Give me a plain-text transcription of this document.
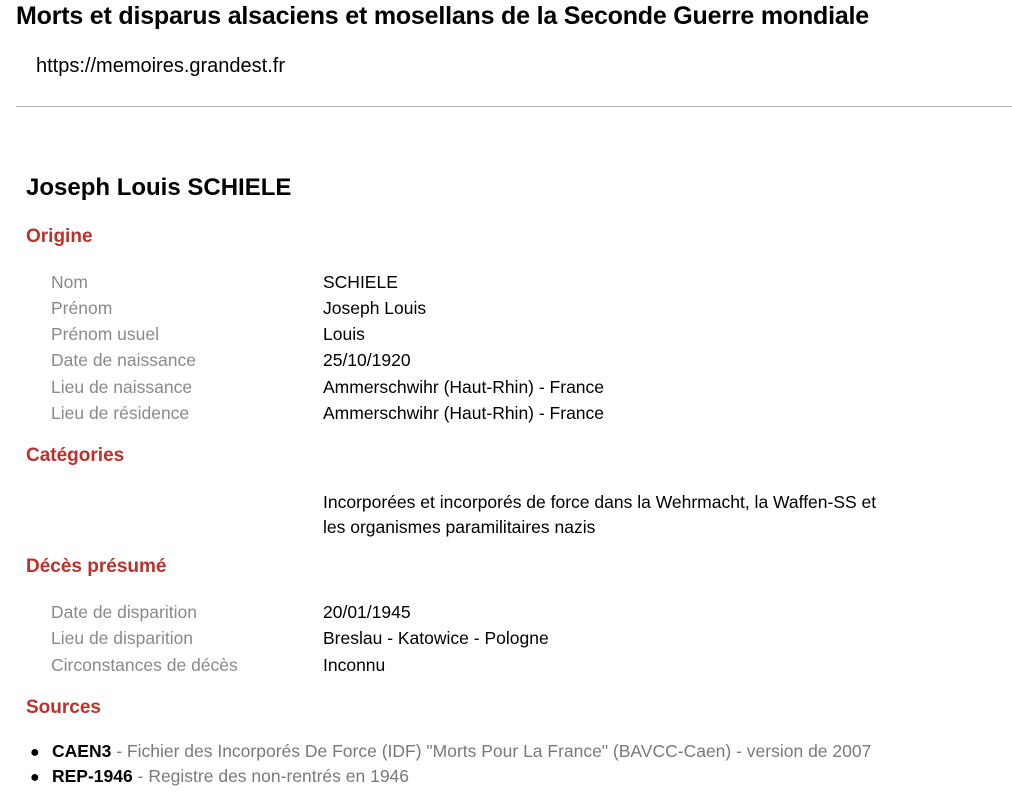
Morts et disparus alsaciens et mosellans de la Seconde Guerre mondiale
https://memoires.grandest.fr
Joseph Louis SCHIELE
Origine
Nom	SCHIELE
Prénom	Joseph Louis
Prénom usuel	Louis
Date de naissance	25/10/1920
Lieu de naissance	Ammerschwihr (Haut-Rhin) - France
Lieu de résidence	Ammerschwihr (Haut-Rhin) - France
Catégories
Incorporées et incorporés de force dans la Wehrmacht, la Waffen-SS et les organismes paramilitaires nazis
Décès présumé
Date de disparition	20/01/1945
Lieu de disparition	Breslau - Katowice - Pologne
Circonstances de décès	Inconnu
Sources
● CAEN3 - Fichier des Incorporés De Force (IDF) "Morts Pour La France" (BAVCC-Caen) - version de 2007
● REP-1946 - Registre des non-rentrés en 1946
